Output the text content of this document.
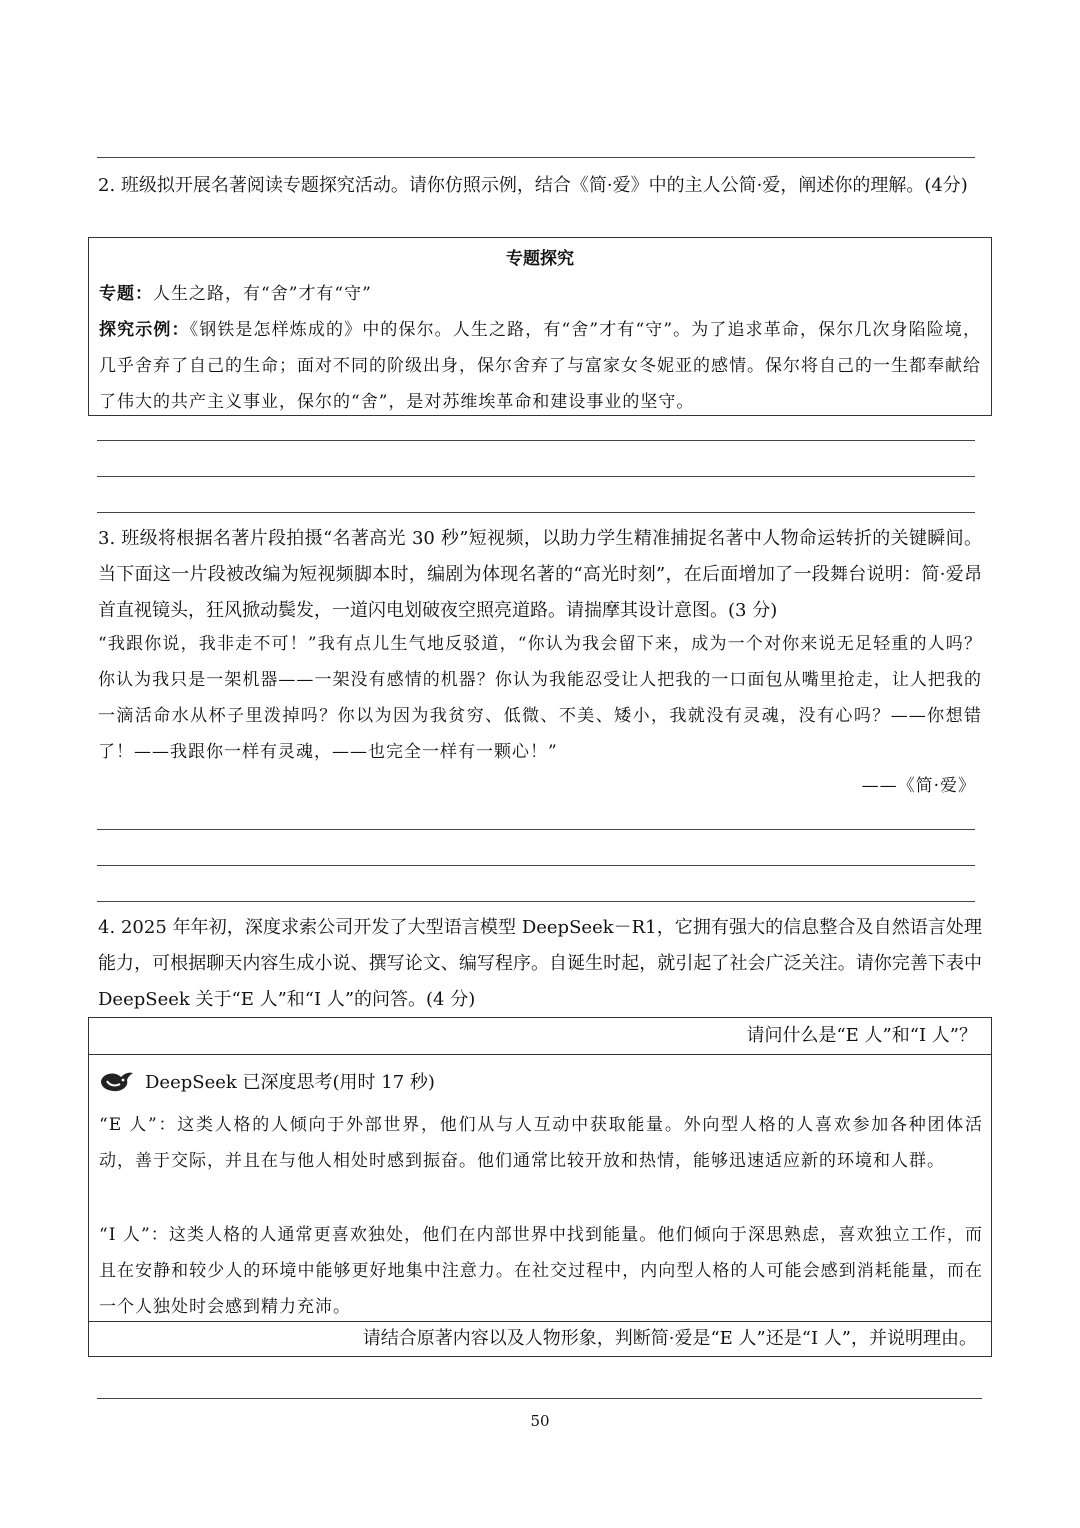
2. 班级拟开展名著阅读专题探究活动。请你仿照示例，结合《简·爱》中的主人公简·爱，阐述你的理解。(4分)
专题探究

专题：人生之路，有“舍”才有“守”

探究示例：《钢铁是怎样炼成的》中的保尔。人生之路，有“舍”才有“守”。为了追求革命，保尔几次身陷险境，几乎舍弃了自己的生命；面对不同的阶级出身，保尔舍弃了与富家女冬妮亚的感情。保尔将自己的一生都奉献给了伟大的共产主义事业，保尔的“舍”，是对苏维埃革命和建设事业的坚守。

3. 班级将根据名著片段拍摄“名著高光 30 秒”短视频，以助力学生精准捕捉名著中人物命运转折的关键瞬间。当下面这一片段被改编为短视频脚本时，编剧为体现名著的“高光时刻”，在后面增加了一段舞台说明：简·爱昂首直视镜头，狂风掀动鬓发，一道闪电划破夜空照亮道路。请揣摩其设计意图。(3 分)
“我跟你说，我非走不可！”我有点儿生气地反驳道，“你认为我会留下来，成为一个对你来说无足轻重的人吗？你认为我只是一架机器——一架没有感情的机器？你认为我能忍受让人把我的一口面包从嘴里抢走，让人把我的一滴活命水从杯子里泼掉吗？你以为因为我贫穷、低微、不美、矮小，我就没有灵魂，没有心吗？——你想错了！——我跟你一样有灵魂，——也完全一样有一颗心！”
——《简·爱》
4. 2025 年年初，深度求索公司开发了大型语言模型 DeepSeek－R1，它拥有强大的信息整合及自然语言处理能力，可根据聊天内容生成小说、撰写论文、编写程序。自诞生时起，就引起了社会广泛关注。请你完善下表中 DeepSeek 关于“E 人”和“I 人”的问答。(4 分)
请问什么是“E 人”和“I 人”？
DeepSeek 已深度思考(用时 17 秒)

“E 人”：这类人格的人倾向于外部世界，他们从与人互动中获取能量。外向型人格的人喜欢参加各种团体活动，善于交际，并且在与他人相处时感到振奋。他们通常比较开放和热情，能够迅速适应新的环境和人群。

“I 人”：这类人格的人通常更喜欢独处，他们在内部世界中找到能量。他们倾向于深思熟虑，喜欢独立工作，而且在安静和较少人的环境中能够更好地集中注意力。在社交过程中，内向型人格的人可能会感到消耗能量，而在一个人独处时会感到精力充沛。

请结合原著内容以及人物形象，判断简·爱是“E 人”还是“I 人”，并说明理由。
50
